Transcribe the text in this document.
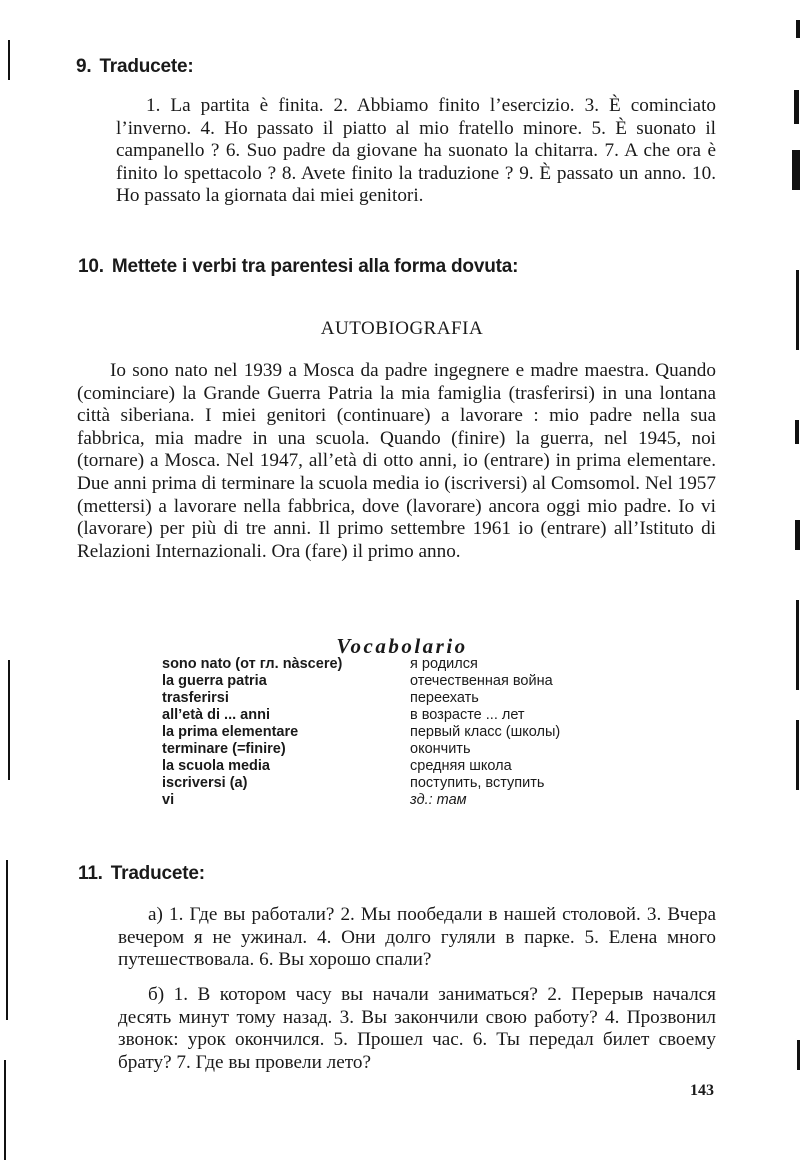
9. Traducete:

1. La partita è finita. 2. Abbiamo finito l’esercizio. 3. È cominciato l’inverno. 4. Ho passato il piatto al mio fratello minore. 5. È suonato il campanello ? 6. Suo padre da giovane ha suonato la chitarra. 7. A che ora è finito lo spettacolo ? 8. Avete finito la traduzione ? 9. È passato un anno. 10. Ho passato la giornata dai miei genitori.

10. Mettete i verbi tra parentesi alla forma dovuta:
AUTOBIOGRAFIA

Io sono nato nel 1939 a Mosca da padre ingegnere e madre maestra. Quando (cominciare) la Grande Guerra Patria la mia famiglia (trasferirsi) in una lontana città siberiana. I miei genitori (continuare) a lavorare : mio padre nella sua fabbrica, mia madre in una scuola. Quando (finire) la guerra, nel 1945, noi (tornare) a Mosca. Nel 1947, all’età di otto anni, io (entrare) in prima elementare. Due anni prima di terminare la scuola media io (iscriversi) al Comsomol. Nel 1957 (mettersi) a lavorare nella fabbrica, dove (lavorare) ancora oggi mio padre. Io vi (lavorare) per più di tre anni. Il primo settembre 1961 io (entrare) all’Istituto di Relazioni Internazionali. Ora (fare) il primo anno.

Vocabolario
sono nato (от гл. nàscere)	я родился
la guerra patria	отечественная война
trasferirsi	переехать
all’età di ... anni	в возрасте ... лет
la prima elementare	первый класс (школы)
terminare (=finire)	окончить
la scuola media	средняя школа
iscriversi (a)	поступить, вступить
vi	зд.: там
11. Traducete:

а) 1. Где вы работали? 2. Мы пообедали в нашей столовой. 3. Вчера вечером я не ужинал. 4. Они долго гуляли в парке. 5. Елена много путешествовала. 6. Вы хорошо спали?

б) 1. В котором часу вы начали заниматься? 2. Перерыв начался десять минут тому назад. 3. Вы закончили свою работу? 4. Прозвонил звонок: урок окончился. 5. Прошел час. 6. Ты передал билет своему брату? 7. Где вы провели лето?

143
